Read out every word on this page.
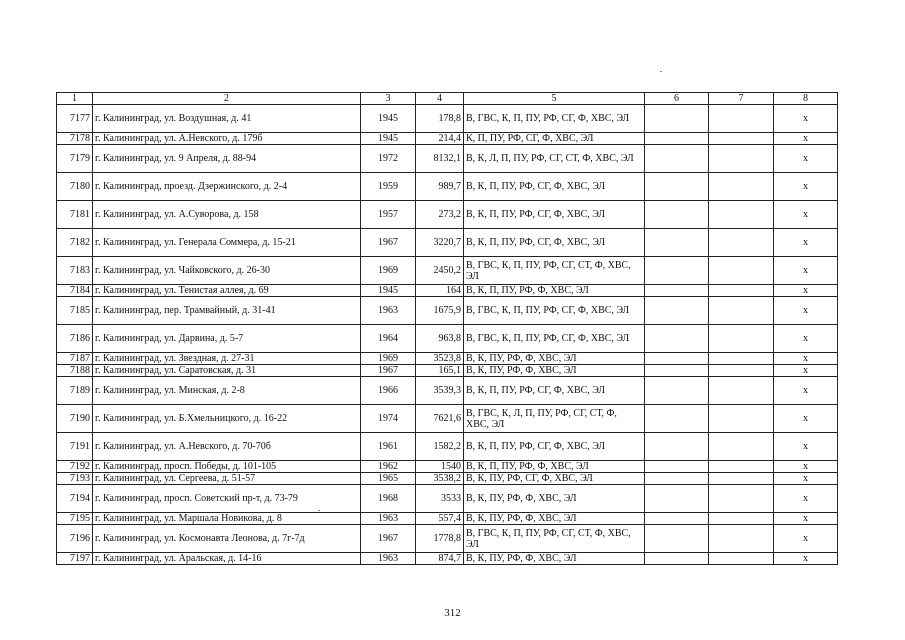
1	2	3	4	5	6	7	8
7177	г. Калининград, ул. Воздушная, д. 41	1945	178,8	В, ГВС, К, П, ПУ, РФ, СГ, Ф, ХВС, ЭЛ			x
7178	г. Калининград, ул. А.Невского, д. 179б	1945	214,4	К, П, ПУ, РФ, СГ, Ф, ХВС, ЭЛ			x
7179	г. Калининград, ул. 9 Апреля, д. 88-94	1972	8132,1	В, К, Л, П, ПУ, РФ, СГ, СТ, Ф, ХВС, ЭЛ			x
7180	г. Калининград, проезд. Дзержинского, д. 2-4	1959	989,7	В, К, П, ПУ, РФ, СГ, Ф, ХВС, ЭЛ			x
7181	г. Калининград, ул. А.Суворова, д. 158	1957	273,2	В, К, П, ПУ, РФ, СГ, Ф, ХВС, ЭЛ			x
7182	г. Калининград, ул. Генерала Соммера, д. 15-21	1967	3220,7	В, К, П, ПУ, РФ, СГ, Ф, ХВС, ЭЛ			x
7183	г. Калининград, ул. Чайковского, д. 26-30	1969	2450,2	В, ГВС, К, П, ПУ, РФ, СГ, СТ, Ф, ХВС, ЭЛ			x
7184	г. Калининград, ул. Тенистая аллея, д. 69	1945	164	В, К, П, ПУ, РФ, Ф, ХВС, ЭЛ			x
7185	г. Калининград, пер. Трамвайный, д. 31-41	1963	1675,9	В, ГВС, К, П, ПУ, РФ, СГ, Ф, ХВС, ЭЛ			x
7186	г. Калининград, ул. Дарвина, д. 5-7	1964	963,8	В, ГВС, К, П, ПУ, РФ, СГ, Ф, ХВС, ЭЛ			x
7187	г. Калининград, ул. Звездная, д. 27-31	1969	3523,8	В, К, ПУ, РФ, Ф, ХВС, ЭЛ			x
7188	г. Калининград, ул. Саратовская, д. 31	1967	165,1	В, К, ПУ, РФ, Ф, ХВС, ЭЛ			x
7189	г. Калининград, ул. Минская, д. 2-8	1966	3539,3	В, К, П, ПУ, РФ, СГ, Ф, ХВС, ЭЛ			x
7190	г. Калининград, ул. Б.Хмельницкого, д. 16-22	1974	7621,6	В, ГВС, К, Л, П, ПУ, РФ, СГ, СТ, Ф, ХВС, ЭЛ			x
7191	г. Калининград, ул. А.Невского, д. 70-70б	1961	1582,2	В, К, П, ПУ, РФ, СГ, Ф, ХВС, ЭЛ			x
7192	г. Калининград, просп. Победы, д. 101-105	1962	1540	В, К, П, ПУ, РФ, Ф, ХВС, ЭЛ			x
7193	г. Калининград, ул. Сергеева, д. 51-57	1965	3538,2	В, К, ПУ, РФ, СГ, Ф, ХВС, ЭЛ			x
7194	г. Калининград, просп. Советский пр-т, д. 73-79	1968	3533	В, К, ПУ, РФ, Ф, ХВС, ЭЛ			x
7195	г. Калининград, ул. Маршала Новикова, д. 8	1963	557,4	В, К, ПУ, РФ, Ф, ХВС, ЭЛ			x
7196	г. Калининград, ул. Космонавта Леонова, д. 7г-7д	1967	1778,8	В, ГВС, К, П, ПУ, РФ, СГ, СТ, Ф, ХВС, ЭЛ			x
7197	г. Калининград, ул. Аральская, д. 14-16	1963	874,7	В, К, ПУ, РФ, Ф, ХВС, ЭЛ			x
312
